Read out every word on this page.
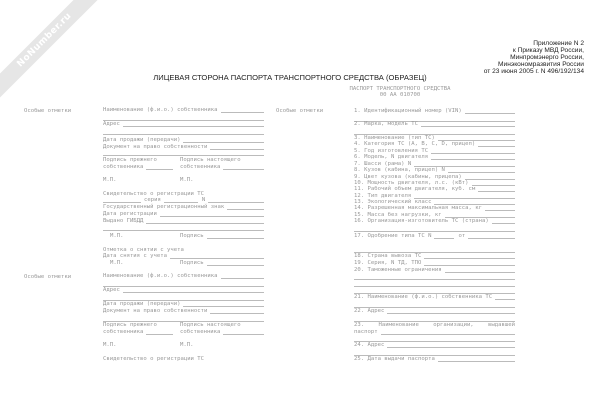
NoNumber.ru	Приложение N 2
к Приказу МВД России,
Минпромэнерго России,
Минэкономразвития России
от 23 июня 2005 г. N 496/192/134
ЛИЦЕВАЯ СТОРОНА ПАСПОРТА ТРАНСПОРТНОГО СРЕДСТВА (ОБРАЗЕЦ)
Особые отметки	Наименование (ф.и.о.) собственника
Адрес
Дата продажи (передачи)
Документ на право собственности
Подпись прежнего	Подпись настоящего
собственника	собственника
М.П.	М.П.
Свидетельство о регистрации ТС
серия	N
Государственный регистрационный знак
Дата регистрации
Выдано ГИБДД
М.П.	Подпись
Отметка о снятии с учета
Дата снятия с учета
М.П.	Подпись
Особые отметки	Наименование (ф.и.о.) собственника
Адрес
Дата продажи (передачи)
Документ на право собственности
Подпись прежнего	Подпись настоящего
собственника	собственника
М.П.	М.П.
Свидетельство о регистрации ТС
ПАСПОРТ ТРАНСПОРТНОГО СРЕДСТВА
00 АА 010700
Особые отметки	1. Идентификационный номер (VIN)
2. Марка, модель ТС
3. Наименование (тип ТС)
4. Категория ТС (A, B, C, D, прицеп)
5. Год изготовления ТС
6. Модель, N двигателя
7. Шасси (рама) N
8. Кузов (кабина, прицеп) N
9. Цвет кузова (кабины, прицепа)
10. Мощность двигателя, л.с. (кВт)
11. Рабочий объем двигателя, куб. см
12. Тип двигателя
13. Экологический класс
14. Разрешенная максимальная масса, кг
15. Масса без нагрузки, кг
16. Организация-изготовитель ТС (страна)
17. Одобрение типа ТС N	от
18. Страна вывоза ТС
19. Серия, N ТД, ТПО
20. Таможенные ограничения
21. Наименование (ф.и.о.) собственника ТС
22. Адрес
23. Наименование организации, выдавшей
паспорт
24. Адрес
25. Дата выдачи паспорта
